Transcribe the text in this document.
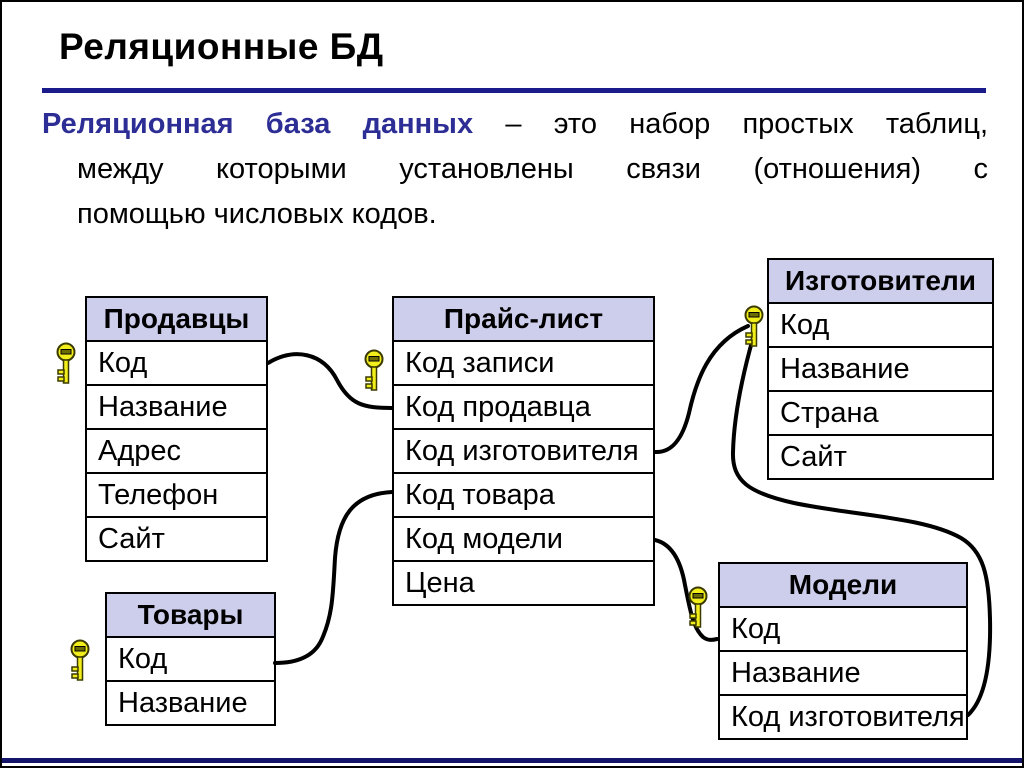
Реляционные БД
Реляционная база данных – это набор простых таблиц,
между которыми установлены связи (отношения) с
помощью числовых кодов.
Продавцы
Код
Название
Адрес
Телефон
Сайт
Прайс-лист
Код записи
Код продавца
Код изготовителя
Код товара
Код модели
Цена
Изготовители
Код
Название
Страна
Сайт
Товары
Код
Название
Модели
Код
Название
Код изготовителя
